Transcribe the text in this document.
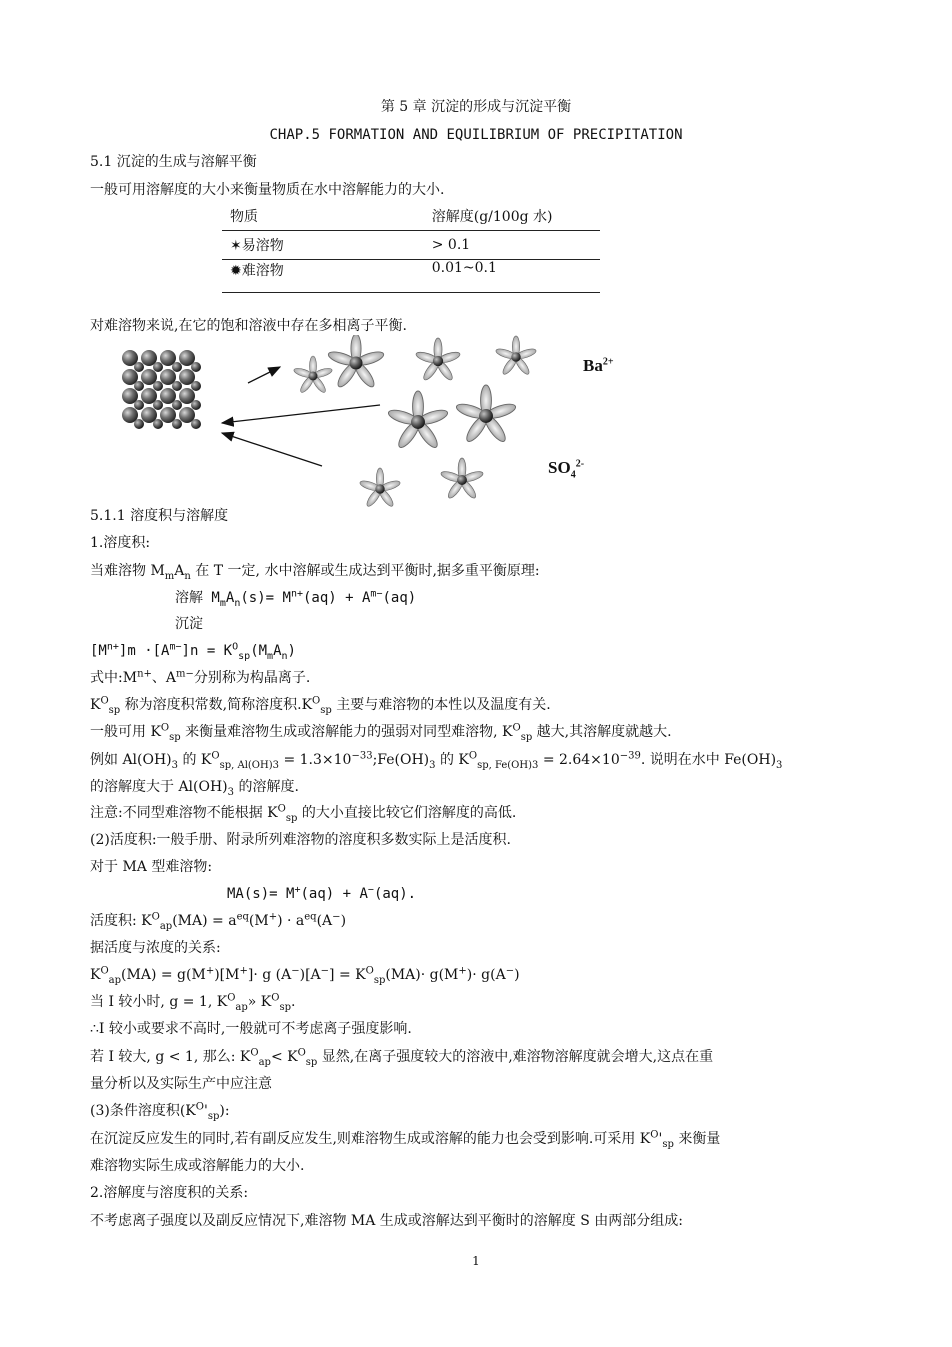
第 5 章 沉淀的形成与沉淀平衡
CHAP.5 FORMATION AND EQUILIBRIUM OF PRECIPITATION
5.1 沉淀的生成与溶解平衡
一般可用溶解度的大小来衡量物质在水中溶解能力的大小.
物质	溶解度(g/100g 水)
✶易溶物	> 0.1
✹难溶物	0.01~0.1
对难溶物来说,在它的饱和溶液中存在多相离子平衡.
$Ba^{2+}$
$SO_4^{2-}$
5.1.1 溶度积与溶解度
1.溶度积:
当难溶物 $M_mA_n$ 在 T 一定, 水中溶解或生成达到平衡时,据多重平衡原理:
溶解 $M_mA_n(s)= M^{n+}(aq) + A^{m-}(aq)$
沉淀
$[M^{n+}]m \cdot[A^{m-}]n = K^O_{sp}(M_mA_n)$
式中$:M^{n+}$、$A^{m-}$分别称为构晶离子.
$K^O_{sp}$ 称为溶度积常数,简称溶度积$.K^O_{sp}$ 主要与难溶物的本性以及温度有关.
一般可用 $K^O_{sp}$ 来衡量难溶物生成或溶解能力的强弱对同型难溶物, $K^O_{sp}$ 越大,其溶解度就越大.
例如 $Al(OH)_3$ 的 $K^O_{sp, Al(OH)3}$ = $1.3\times 10^{-33};Fe(OH)_3$ 的 $K^O_{sp, Fe(OH)3} = 2.64\times 10^{-39}$. 说明在水中 $Fe(OH)_3$
的溶解度大于 $Al(OH)_3$ 的溶解度.
注意:不同型难溶物不能根据 $K^O_{sp}$ 的大小直接比较它们溶解度的高低.
(2)活度积:一般手册、附录所列难溶物的溶度积多数实际上是活度积.
对于 MA 型难溶物:
MA(s)= M+(aq) + A−(aq).
活度积: $K^O_{ap}(MA) = a^{eq}(M^+) \cdot a^{eq}(A^-)$
据活度与浓度的关系:
$K^O_{ap}(MA) = g(M^+)[M^+]\cdot g$ $(A^-)[A^-] = K^O_{sp}(MA)\cdot g(M^+)\cdot g(A^-)$
当 I 较小时, g = 1, $K^O_{ap}$» $K^O_{sp}$.
∴I 较小或要求不高时,一般就可不考虑离子强度影响.
若 I 较大, g < 1, 那么: $K^O_{ap}< K^O_{sp}$ 显然,在离子强度较大的溶液中,难溶物溶解度就会增大,这点在重
量分析以及实际生产中应注意
(3)条件溶度积$(K^O'_{sp})$:
在沉淀反应发生的同时,若有副反应发生,则难溶物生成或溶解的能力也会受到影响.可采用 $K^O'_{sp}$ 来衡量
难溶物实际生成或溶解能力的大小.
2.溶解度与溶度积的关系:
不考虑离子强度以及副反应情况下,难溶物 MA 生成或溶解达到平衡时的溶解度 S 由两部分组成:
1
